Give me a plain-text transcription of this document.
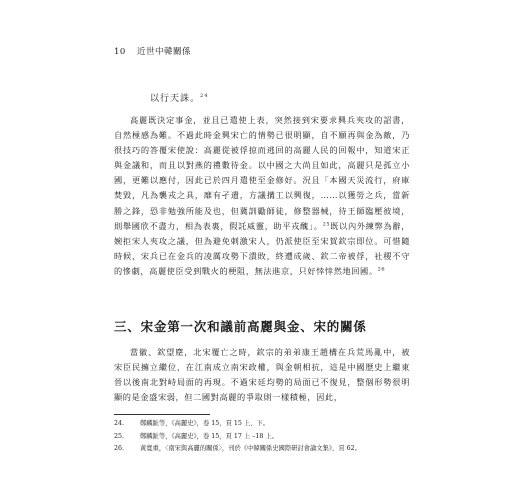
10 近世中韓關係
以行天誅。$^{24}$

高麗既決定事金，並且已遣使上表，突然接到宋要求興兵夾攻的詔書，自然極感為難。不過此時金興宋亡的情勢已很明顯，自不願再與金為敵，乃很技巧的答覆宋使說：高麗從被俘掠而逃回的高麗人民的回報中，知道宋正與金議和，而且以對燕的禮數待金。以中國之大尚且如此，高麗只是孤立小國，更難以應付，因此已於四月遣使至金修好。況且「本國天災流行，府庫焚毀，凡為襲戎之具，靡有孑遺，方議搆工以興復，……以獲勞之兵，當新勝之鋒，恐非勉強所能及也，但冀訓勵師徒，修整器械，待王師臨壓彼境，則舉國欣不盡力，相為表裏，假託威靈，助平戎醜」。$^{25}$既以內外練弊為辭，婉拒宋人夾攻之議，但為避免刺激宋人，仍派使臣至宋賀欽宗即位。可惜隨時候，宋兵已在金兵的凌厲攻勢下潰敗，終遭成歲、欽二帝被俘，社稷不守的慘劇，高麗使臣受到戰火的梗阻，無法進京，只好悻悻然地回國。$^{26}$

三、宋金第一次和議前高麗與金、宋的關係

當徽、欽望塵，北宋覆亡之時，欽宗的弟弟康王趙構在兵荒馬亂中，被宋臣民擁立繼位，在江南成立南宋政權，與金朝相抗，這是中國歷史上繼東晉以後南北對峙局面的再現。不過宋廷均勢的局面已不復見，整個形勢很明顯的是金盛宋弱，但二國對高麗的爭取則一樣積極，因此，

24.	鄭麟趾等，《高麗史》，卷 15，頁 15 上、下。
25.	鄭麟趾等，《高麗史》，卷 15，頁 17 上 –18 上。
26.	黃寬重，〈南宋與高麗的關係〉，刊於《中韓關係史國際研討會論文集》，頁 62。
